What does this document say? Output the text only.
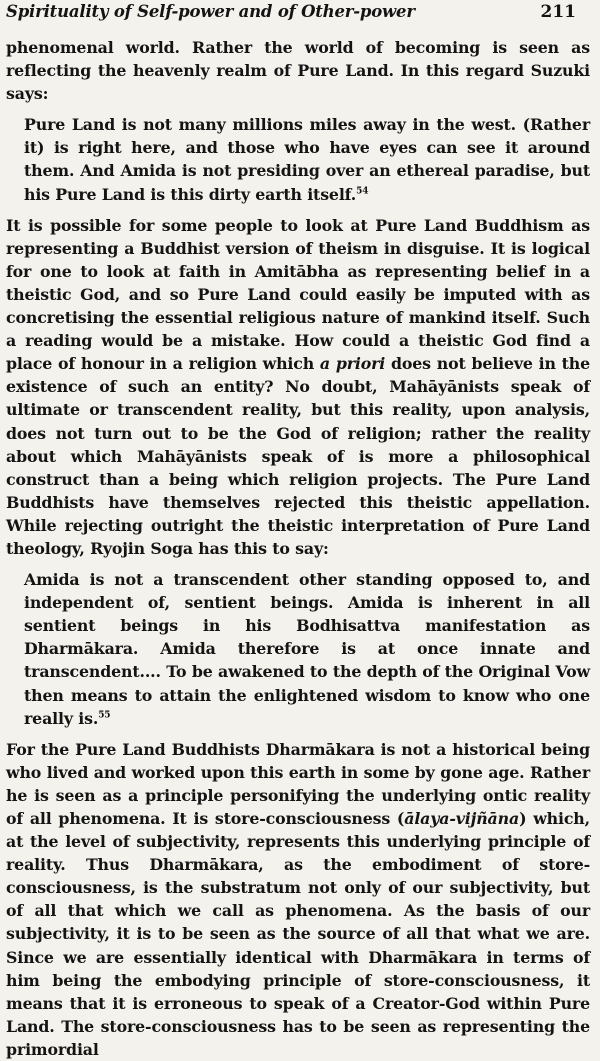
Spirituality of Self-power and of Other-power	211

phenomenal world. Rather the world of becoming is seen as reflecting the heavenly realm of Pure Land. In this regard Suzuki says:

Pure Land is not many millions miles away in the west. (Rather it) is right here, and those who have eyes can see it around them. And Amida is not presiding over an ethereal paradise, but his Pure Land is this dirty earth itself.$^{54}$

It is possible for some people to look at Pure Land Buddhism as representing a Buddhist version of theism in disguise. It is logical for one to look at faith in Amitābha as representing belief in a theistic God, and so Pure Land could easily be imputed with as concretising the essential religious nature of mankind itself. Such a reading would be a mistake. How could a theistic God find a place of honour in a religion which a priori does not believe in the existence of such an entity? No doubt, Mahāyānists speak of ultimate or transcendent reality, but this reality, upon analysis, does not turn out to be the God of religion; rather the reality about which Mahāyānists speak of is more a philosophical construct than a being which religion projects. The Pure Land Buddhists have themselves rejected this theistic appellation. While rejecting outright the theistic interpretation of Pure Land theology, Ryojin Soga has this to say:

Amida is not a transcendent other standing opposed to, and independent of, sentient beings. Amida is inherent in all sentient beings in his Bodhisattva manifestation as Dharmākara. Amida therefore is at once innate and transcendent.... To be awakened to the depth of the Original Vow then means to attain the enlightened wisdom to know who one really is.$^{55}$

For the Pure Land Buddhists Dharmākara is not a historical being who lived and worked upon this earth in some by gone age. Rather he is seen as a principle personifying the underlying ontic reality of all phenomena. It is store-consciousness (ālaya-vijñāna) which, at the level of subjectivity, represents this underlying principle of reality. Thus Dharmākara, as the embodiment of store-consciousness, is the substratum not only of our subjectivity, but of all that which we call as phenomena. As the basis of our subjectivity, it is to be seen as the source of all that what we are. Since we are essentially identical with Dharmākara in terms of him being the embodying principle of store-consciousness, it means that it is erroneous to speak of a Creator-God within Pure Land. The store-consciousness has to be seen as representing the primordial
